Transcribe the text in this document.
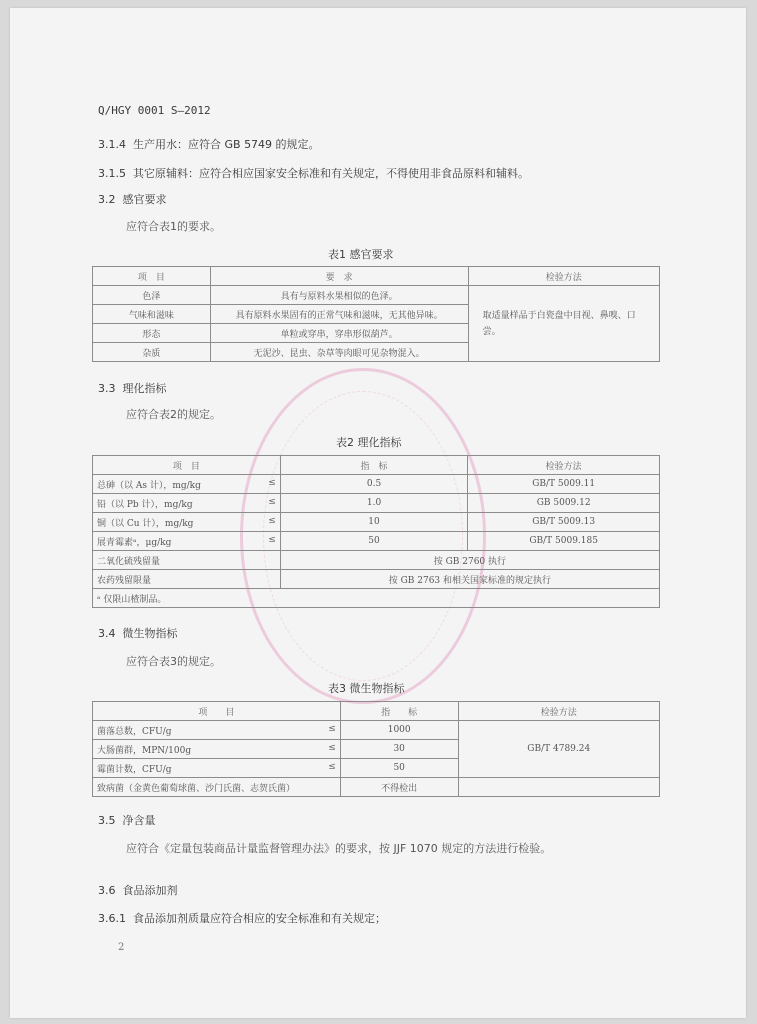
Q/HGY 0001 S—2012
3.1.4 生产用水：应符合 GB 5749 的规定。
3.1.5 其它原辅料：应符合相应国家安全标准和有关规定，不得使用非食品原料和辅料。
3.2 感官要求
应符合表1的要求。
表1 感官要求
项　目	要　求	检验方法
色泽	具有与原料水果相似的色泽。	取适量样品于白瓷盘中目视、鼻嗅、口尝。
气味和滋味	具有原料水果固有的正常气味和滋味，无其他异味。	
形态	单粒或穿串，穿串形似葫芦。	
杂质	无泥沙、昆虫、杂草等肉眼可见杂物混入。	
3.3 理化指标
应符合表2的规定。
表2 理化指标
项　目	指　标	检验方法
总砷（以 As 计），mg/kg ≤	0.5	GB/T 5009.11
铅（以 Pb 计），mg/kg ≤	1.0	GB 5009.12
铜（以 Cu 计），mg/kg ≤	10	GB/T 5009.13
展青霉素ᵃ，μg/kg ≤	50	GB/T 5009.185
二氧化硫残留量	按 GB 2760 执行	
农药残留限量	按 GB 2763 和相关国家标准的规定执行	
ᵃ 仅限山楂制品。		
3.4 微生物指标
应符合表3的规定。
表3 微生物指标
项　　目	指　　标	检验方法
菌落总数，CFU/g ≤	1000	GB/T 4789.24
大肠菌群，MPN/100g ≤	30	
霉菌计数，CFU/g ≤	50	
致病菌（金黄色葡萄球菌、沙门氏菌、志贺氏菌）	不得检出	
3.5 净含量
应符合《定量包装商品计量监督管理办法》的要求，按 JJF 1070 规定的方法进行检验。
3.6 食品添加剂
3.6.1 食品添加剂质量应符合相应的安全标准和有关规定；
2
